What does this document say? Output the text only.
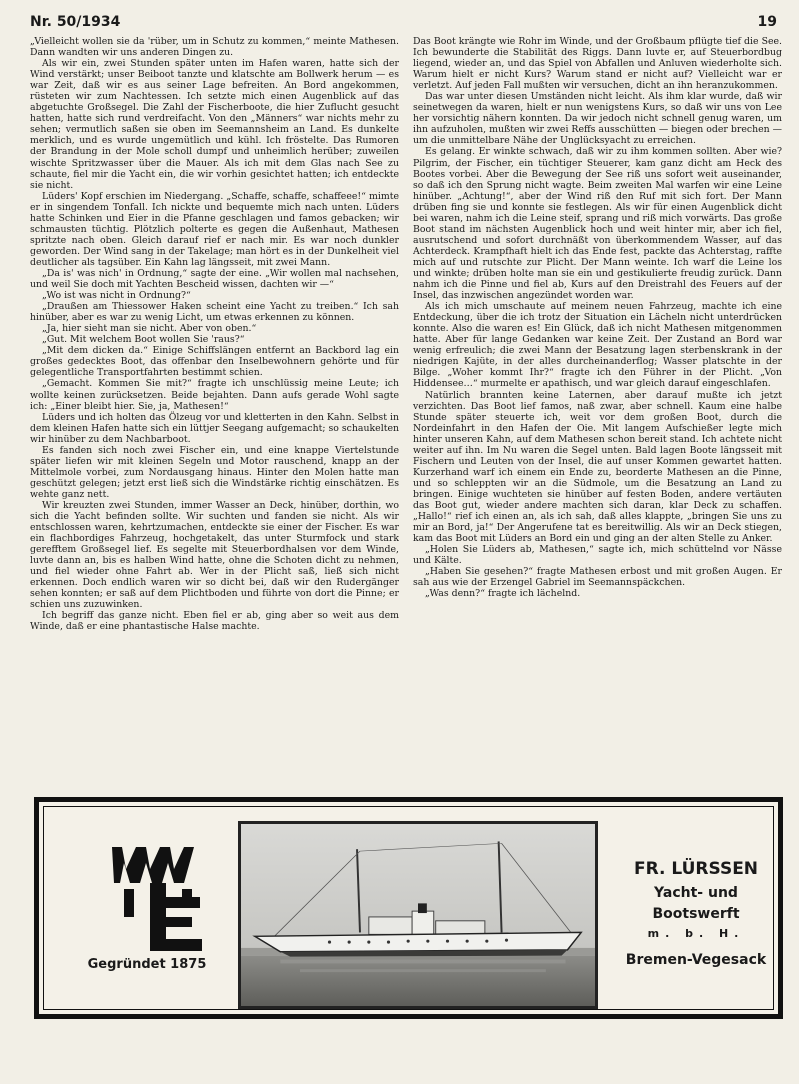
Nr. 50/1934	19

„Vielleicht wollen sie da 'rüber, um in Schutz zu kommen,“ meinte Mathesen. Dann wandten wir uns anderen Dingen zu.

Als wir ein, zwei Stunden später unten im Hafen waren, hatte sich der Wind verstärkt; unser Beiboot tanzte und klatschte am Bollwerk herum — es war Zeit, daß wir es aus seiner Lage befreiten. An Bord angekommen, rüsteten wir zum Nachtessen. Ich setzte mich einen Augenblick auf das abgetuchte Großsegel. Die Zahl der Fischerboote, die hier Zuflucht gesucht hatten, hatte sich rund verdreifacht. Von den „Männers“ war nichts mehr zu sehen; vermutlich saßen sie oben im Seemannsheim an Land. Es dunkelte merklich, und es wurde ungemütlich und kühl. Ich fröstelte. Das Rumoren der Brandung in der Mole scholl dumpf und unheimlich herüber; zuweilen wischte Spritzwasser über die Mauer. Als ich mit dem Glas nach See zu schaute, fiel mir die Yacht ein, die wir vorhin gesichtet hatten; ich entdeckte sie nicht.

Lüders' Kopf erschien im Niedergang. „Schaffe, schaffe, schaffeee!“ mimte er in singendem Tonfall. Ich nickte und bequemte mich nach unten. Lüders hatte Schinken und Eier in die Pfanne geschlagen und famos gebacken; wir schmausten tüchtig. Plötzlich polterte es gegen die Außenhaut, Mathesen spritzte nach oben. Gleich darauf rief er nach mir. Es war noch dunkler geworden. Der Wind sang in der Takelage; man hört es in der Dunkelheit viel deutlicher als tagsüber. Ein Kahn lag längsseit, mit zwei Mann.

„Da is' was nich' in Ordnung,“ sagte der eine. „Wir wollen mal nachsehen, und weil Sie doch mit Yachten Bescheid wissen, dachten wir —“

„Wo ist was nicht in Ordnung?“

„Draußen am Thiessower Haken scheint eine Yacht zu treiben.“ Ich sah hinüber, aber es war zu wenig Licht, um etwas erkennen zu können.

„Ja, hier sieht man sie nicht. Aber von oben.“

„Gut. Mit welchem Boot wollen Sie 'raus?“

„Mit dem dicken da.“ Einige Schiffslängen entfernt an Backbord lag ein großes gedecktes Boot, das offenbar den Inselbewohnern gehörte und für gelegentliche Transportfahrten bestimmt schien.

„Gemacht. Kommen Sie mit?“ fragte ich unschlüssig meine Leute; ich wollte keinen zurücksetzen. Beide bejahten. Dann aufs gerade Wohl sagte ich: „Einer bleibt hier. Sie, ja, Mathesen!“

Lüders und ich holten das Ölzeug vor und kletterten in den Kahn. Selbst in dem kleinen Hafen hatte sich ein lüttjer Seegang aufgemacht; so schaukelten wir hinüber zu dem Nachbarboot.

Es fanden sich noch zwei Fischer ein, und eine knappe Viertelstunde später liefen wir mit kleinen Segeln und Motor rauschend, knapp an der Mittelmole vorbei, zum Nordausgang hinaus. Hinter den Molen hatte man geschützt gelegen; jetzt erst ließ sich die Windstärke richtig einschätzen. Es wehte ganz nett.

Wir kreuzten zwei Stunden, immer Wasser an Deck, hinüber, dorthin, wo sich die Yacht befinden sollte. Wir suchten und fanden sie nicht. Als wir entschlossen waren, kehrtzumachen, entdeckte sie einer der Fischer. Es war ein flachbordiges Fahrzeug, hochgetakelt, das unter Sturmfock und stark gerefftem Großsegel lief. Es segelte mit Steuerbordhalsen vor dem Winde, luvte dann an, bis es halben Wind hatte, ohne die Schoten dicht zu nehmen, und fiel wieder ohne Fahrt ab. Wer in der Plicht saß, ließ sich nicht erkennen. Doch endlich waren wir so dicht bei, daß wir den Rudergänger sehen konnten; er saß auf dem Plichtboden und führte von dort die Pinne; er schien uns zuzuwinken.

Ich begriff das ganze nicht. Eben fiel er ab, ging aber so weit aus dem Winde, daß er eine phantastische Halse machte.

Das Boot krängte wie Rohr im Winde, und der Großbaum pflügte tief die See. Ich bewunderte die Stabilität des Riggs. Dann luvte er, auf Steuerbordbug liegend, wieder an, und das Spiel von Abfallen und Anluven wiederholte sich. Warum hielt er nicht Kurs? Warum stand er nicht auf? Vielleicht war er verletzt. Auf jeden Fall mußten wir versuchen, dicht an ihn heranzukommen.

Das war unter diesen Umständen nicht leicht. Als ihm klar wurde, daß wir seinetwegen da waren, hielt er nun wenigstens Kurs, so daß wir uns von Lee her vorsichtig nähern konnten. Da wir jedoch nicht schnell genug waren, um ihn aufzuholen, mußten wir zwei Reffs ausschütten — biegen oder brechen — um die unmittelbare Nähe der Unglücksyacht zu erreichen.

Es gelang. Er winkte schwach, daß wir zu ihm kommen sollten. Aber wie? Pilgrim, der Fischer, ein tüchtiger Steuerer, kam ganz dicht am Heck des Bootes vorbei. Aber die Bewegung der See riß uns sofort weit auseinander, so daß ich den Sprung nicht wagte. Beim zweiten Mal warfen wir eine Leine hinüber. „Achtung!“, aber der Wind riß den Ruf mit sich fort. Der Mann drüben fing sie und konnte sie festlegen. Als wir für einen Augenblick dicht bei waren, nahm ich die Leine steif, sprang und riß mich vorwärts. Das große Boot stand im nächsten Augenblick hoch und weit hinter mir, aber ich fiel, ausrutschend und sofort durchnäßt von überkommendem Wasser, auf das Achterdeck. Krampfhaft hielt ich das Ende fest, packte das Achterstag, raffte mich auf und rutschte zur Plicht. Der Mann weinte. Ich warf die Leine los und winkte; drüben holte man sie ein und gestikulierte freudig zurück. Dann nahm ich die Pinne und fiel ab, Kurs auf den Dreistrahl des Feuers auf der Insel, das inzwischen angezündet worden war.

Als ich mich umschaute auf meinem neuen Fahrzeug, machte ich eine Entdeckung, über die ich trotz der Situation ein Lächeln nicht unterdrücken konnte. Also die waren es! Ein Glück, daß ich nicht Mathesen mitgenommen hatte. Aber für lange Gedanken war keine Zeit. Der Zustand an Bord war wenig erfreulich; die zwei Mann der Besatzung lagen sterbenskrank in der niedrigen Kajüte, in der alles durcheinanderflog; Wasser platschte in der Bilge. „Woher kommt Ihr?“ fragte ich den Führer in der Plicht. „Von Hiddensee…“ murmelte er apathisch, und war gleich darauf eingeschlafen.

Natürlich brannten keine Laternen, aber darauf mußte ich jetzt verzichten. Das Boot lief famos, naß zwar, aber schnell. Kaum eine halbe Stunde später steuerte ich, weit vor dem großen Boot, durch die Nordeinfahrt in den Hafen der Oie. Mit langem Aufschießer legte mich hinter unseren Kahn, auf dem Mathesen schon bereit stand. Ich achtete nicht weiter auf ihn. Im Nu waren die Segel unten. Bald lagen Boote längsseit mit Fischern und Leuten von der Insel, die auf unser Kommen gewartet hatten. Kurzerhand warf ich einem ein Ende zu, beorderte Mathesen an die Pinne, und so schleppten wir an die Südmole, um die Besatzung an Land zu bringen. Einige wuchteten sie hinüber auf festen Boden, andere vertäuten das Boot gut, wieder andere machten sich daran, klar Deck zu schaffen. „Hallo!“ rief ich einen an, als ich sah, daß alles klappte, „bringen Sie uns zu mir an Bord, ja!“ Der Angerufene tat es bereitwillig. Als wir an Deck stiegen, kam das Boot mit Lüders an Bord ein und ging an der alten Stelle zu Anker.

„Holen Sie Lüders ab, Mathesen,“ sagte ich, mich schüttelnd vor Nässe und Kälte.

„Haben Sie gesehen?“ fragte Mathesen erbost und mit großen Augen. Er sah aus wie der Erzengel Gabriel im Seemannspäckchen.

„Was denn?“ fragte ich lächelnd.

Gegründet 1875
FR. LÜRSSEN
Yacht- und
Bootswerft
m. b. H.
Bremen-Vegesack
